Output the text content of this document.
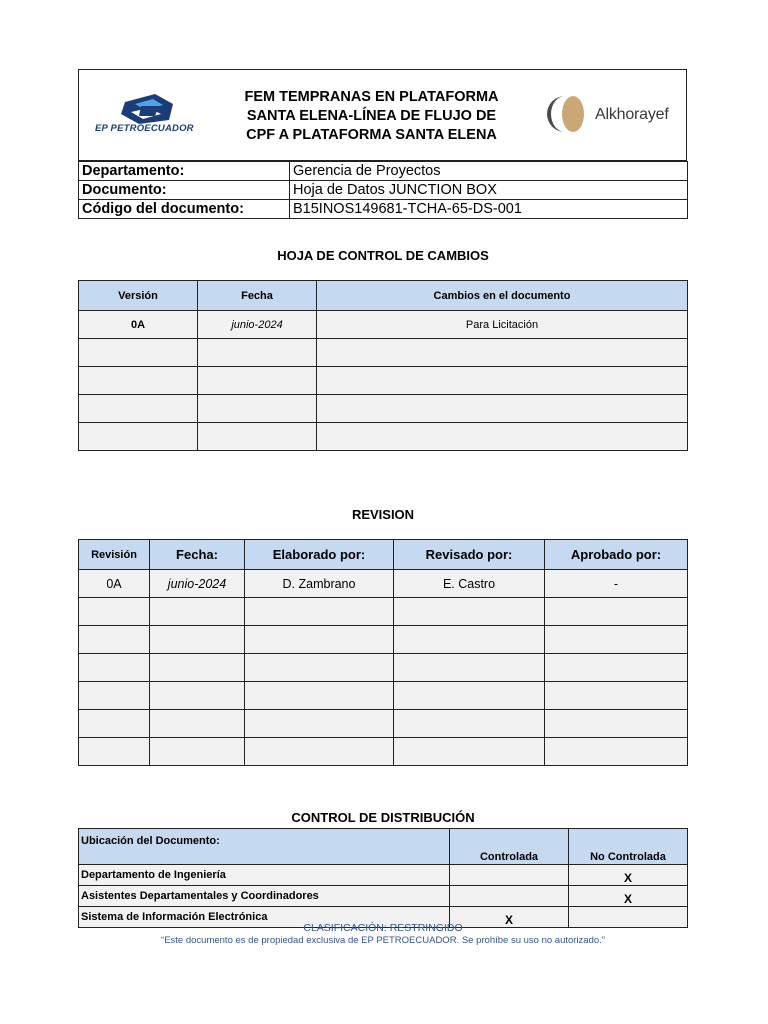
EP PETROECUADOR
FEM TEMPRANAS EN PLATAFORMA
SANTA ELENA-LÍNEA DE FLUJO DE
CPF A PLATAFORMA SANTA ELENA
Alkhorayef
Departamento:	Gerencia de Proyectos
Documento:	Hoja de Datos JUNCTION BOX
Código del documento:	B15INOS149681-TCHA-65-DS-001
HOJA DE CONTROL DE CAMBIOS
Versión	Fecha	Cambios en el documento
0A	junio-2024	Para Licitación

REVISION
Revisión	Fecha:	Elaborado por:	Revisado por:	Aprobado por:
0A	junio-2024	D. Zambrano	E. Castro	-

CONTROL DE DISTRIBUCIÓN
Ubicación del Documento:	Controlada	No Controlada
Departamento de Ingeniería		X
Asistentes Departamentales y Coordinadores		X
Sistema de Información Electrónica	X	
CLASIFICACIÓN: RESTRINGIDO
“Este documento es de propiedad exclusiva de EP PETROECUADOR. Se prohíbe su uso no autorizado.”
